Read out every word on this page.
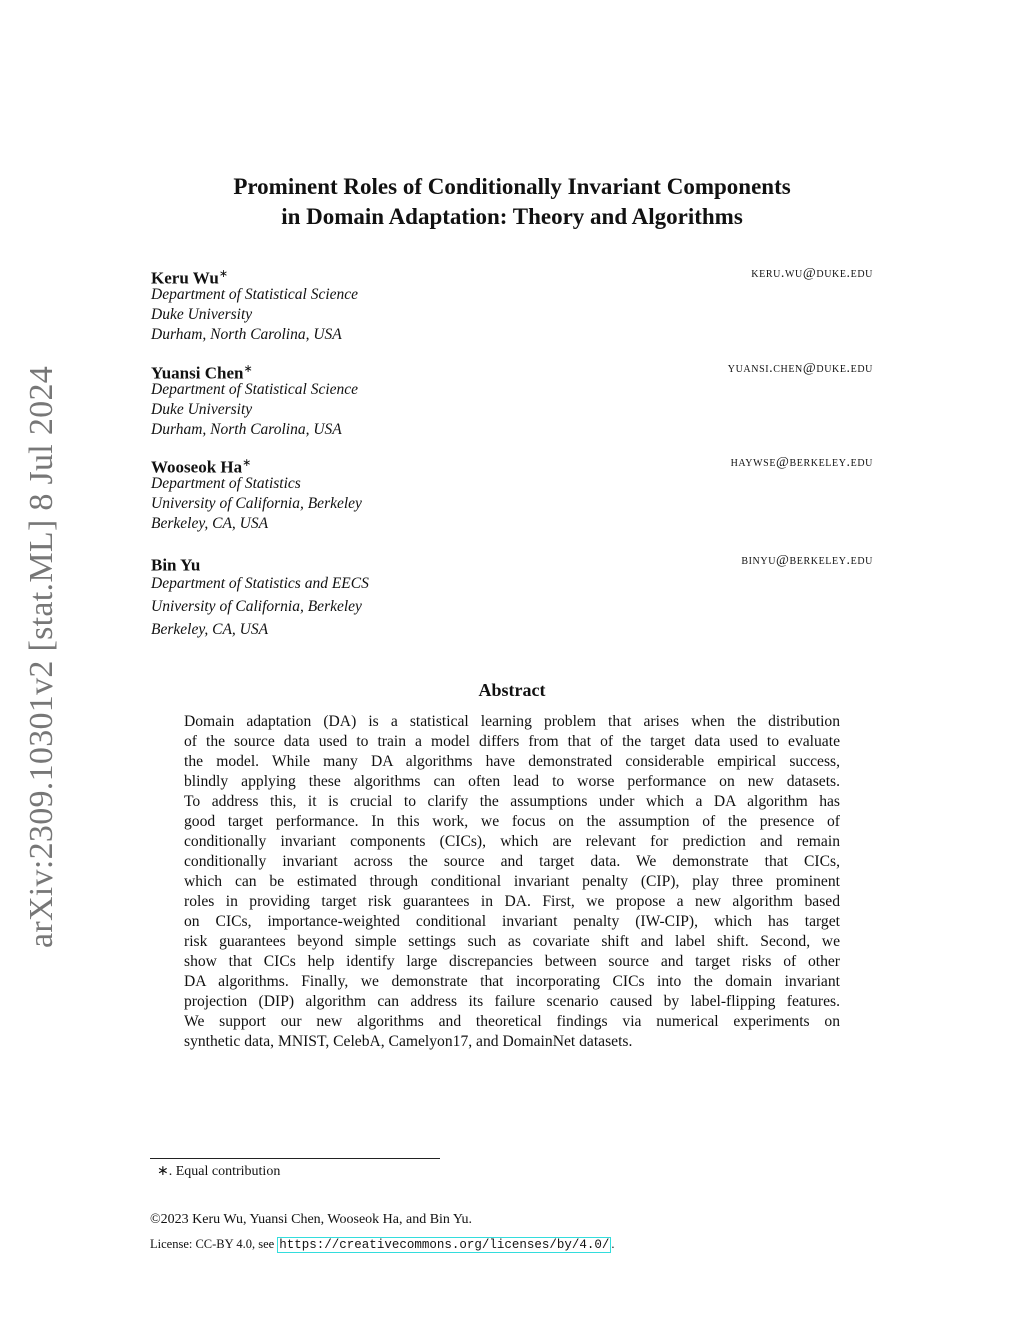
arXiv:2309.10301v2 [stat.ML] 8 Jul 2024
Prominent Roles of Conditionally Invariant Components
in Domain Adaptation: Theory and Algorithms
Keru Wu∗	keru.wu@duke.edu
Department of Statistical Science
Duke University
Durham, North Carolina, USA
Yuansi Chen∗	yuansi.chen@duke.edu
Department of Statistical Science
Duke University
Durham, North Carolina, USA
Wooseok Ha∗	haywse@berkeley.edu
Department of Statistics
University of California, Berkeley
Berkeley, CA, USA
Bin Yu	binyu@berkeley.edu
Department of Statistics and EECS
University of California, Berkeley
Berkeley, CA, USA
Abstract
Domain adaptation (DA) is a statistical learning problem that arises when the distribution
of the source data used to train a model differs from that of the target data used to evaluate
the model. While many DA algorithms have demonstrated considerable empirical success,
blindly applying these algorithms can often lead to worse performance on new datasets.
To address this, it is crucial to clarify the assumptions under which a DA algorithm has
good target performance. In this work, we focus on the assumption of the presence of
conditionally invariant components (CICs), which are relevant for prediction and remain
conditionally invariant across the source and target data. We demonstrate that CICs,
which can be estimated through conditional invariant penalty (CIP), play three prominent
roles in providing target risk guarantees in DA. First, we propose a new algorithm based
on CICs, importance-weighted conditional invariant penalty (IW-CIP), which has target
risk guarantees beyond simple settings such as covariate shift and label shift. Second, we
show that CICs help identify large discrepancies between source and target risks of other
DA algorithms. Finally, we demonstrate that incorporating CICs into the domain invariant
projection (DIP) algorithm can address its failure scenario caused by label-flipping features.
We support our new algorithms and theoretical findings via numerical experiments on
synthetic data, MNIST, CelebA, Camelyon17, and DomainNet datasets.
∗. Equal contribution
©2023 Keru Wu, Yuansi Chen, Wooseok Ha, and Bin Yu.
License: CC-BY 4.0, see https://creativecommons.org/licenses/by/4.0/ .
